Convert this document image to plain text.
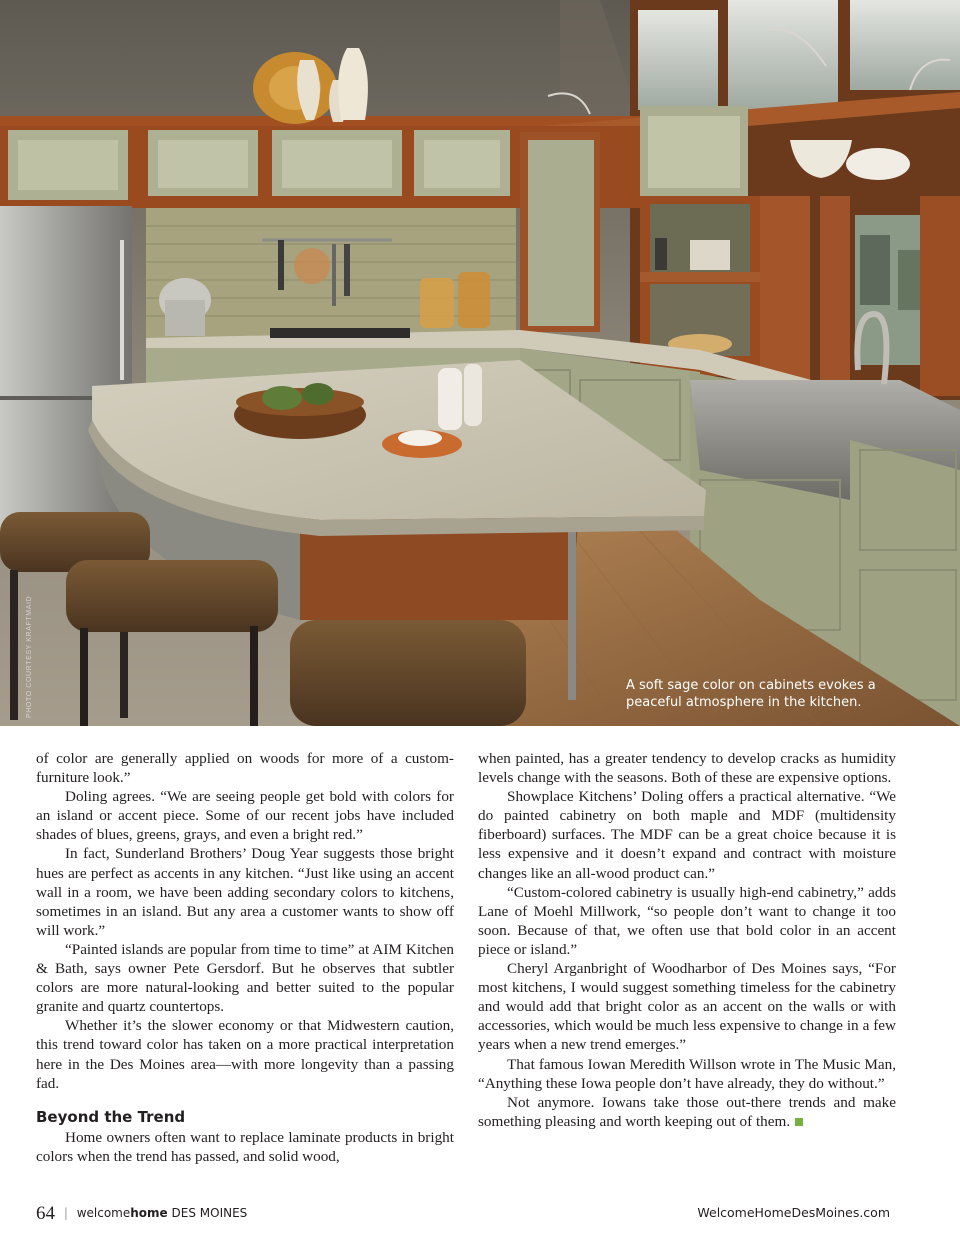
PHOTO COURTESY KRAFTMAID	A soft sage color on cabinets evokes a peaceful atmosphere in the kitchen.

of color are generally applied on woods for more of a custom-furniture look.”

Doling agrees. “We are seeing people get bold with colors for an island or accent piece. Some of our recent jobs have included shades of blues, greens, grays, and even a bright red.”

In fact, Sunderland Brothers’ Doug Year suggests those bright hues are perfect as accents in any kitchen. “Just like using an accent wall in a room, we have been adding secondary colors to kitchens, sometimes in an island. But any area a customer wants to show off will work.”

“Painted islands are popular from time to time” at AIM Kitchen & Bath, says owner Pete Gersdorf. But he observes that subtler colors are more natural-looking and better suited to the popular granite and quartz countertops.

Whether it’s the slower economy or that Midwestern caution, this trend toward color has taken on a more practical interpretation here in the Des Moines area—with more longevity than a passing fad.

Beyond the Trend

Home owners often want to replace laminate products in bright colors when the trend has passed, and solid wood,

when painted, has a greater tendency to develop cracks as humidity levels change with the seasons. Both of these are expensive options.

Showplace Kitchens’ Doling offers a practical alternative. “We do painted cabinetry on both maple and MDF (multidensity fiberboard) surfaces. The MDF can be a great choice because it is less expensive and it doesn’t expand and contract with moisture changes like an all-wood product can.”

“Custom-colored cabinetry is usually high-end cabinetry,” adds Lane of Moehl Millwork, “so people don’t want to change it too soon. Because of that, we often use that bold color in an accent piece or island.”

Cheryl Arganbright of Woodharbor of Des Moines says, “For most kitchens, I would suggest something timeless for the cabinetry and would add that bright color as an accent on the walls or with accessories, which would be much less expensive to change in a few years when a new trend emerges.”

That famous Iowan Meredith Willson wrote in The Music Man, “Anything these Iowa people don’t have already, they do without.”

Not anymore. Iowans take those out-there trends and make something pleasing and worth keeping out of them.

64 | welcomehome DES MOINES	WelcomeHomeDesMoines.com
